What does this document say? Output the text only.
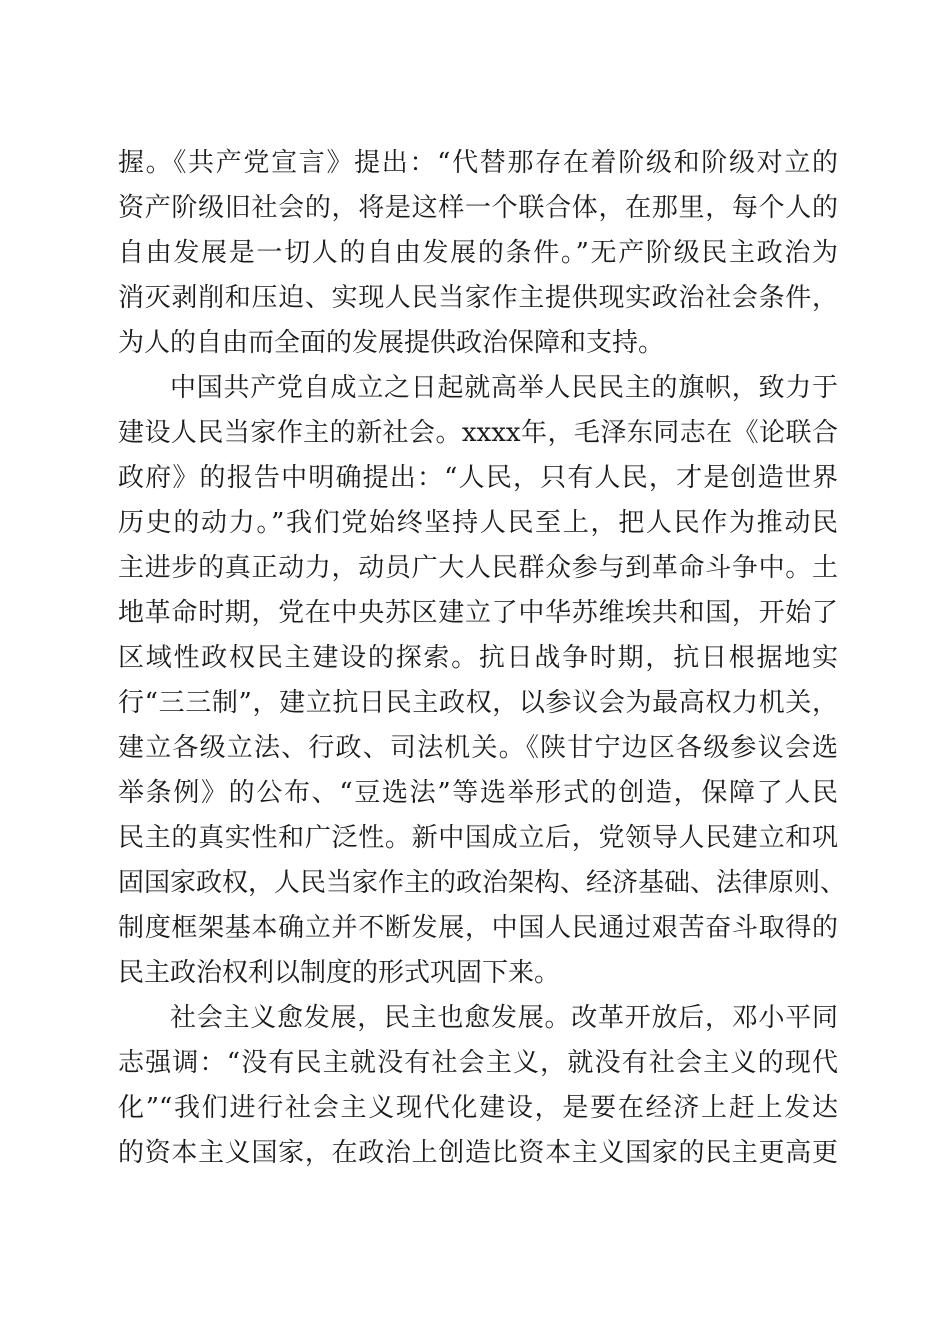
握。《共产党宣言》提出：“代替那存在着阶级和阶级对立的
资产阶级旧社会的，将是这样一个联合体，在那里，每个人的
自由发展是一切人的自由发展的条件。”无产阶级民主政治为
消灭剥削和压迫、实现人民当家作主提供现实政治社会条件，
为人的自由而全面的发展提供政治保障和支持。
中国共产党自成立之日起就高举人民民主的旗帜，致力于
建设人民当家作主的新社会。xxxx年，毛泽东同志在《论联合
政府》的报告中明确提出：“人民，只有人民，才是创造世界
历史的动力。”我们党始终坚持人民至上，把人民作为推动民
主进步的真正动力，动员广大人民群众参与到革命斗争中。土
地革命时期，党在中央苏区建立了中华苏维埃共和国，开始了
区域性政权民主建设的探索。抗日战争时期，抗日根据地实
行“三三制”，建立抗日民主政权，以参议会为最高权力机关，
建立各级立法、行政、司法机关。《陕甘宁边区各级参议会选
举条例》的公布、“豆选法”等选举形式的创造，保障了人民
民主的真实性和广泛性。新中国成立后，党领导人民建立和巩
固国家政权，人民当家作主的政治架构、经济基础、法律原则、
制度框架基本确立并不断发展，中国人民通过艰苦奋斗取得的
民主政治权利以制度的形式巩固下来。
社会主义愈发展，民主也愈发展。改革开放后，邓小平同
志强调：“没有民主就没有社会主义，就没有社会主义的现代
化”“我们进行社会主义现代化建设，是要在经济上赶上发达
的资本主义国家，在政治上创造比资本主义国家的民主更高更
